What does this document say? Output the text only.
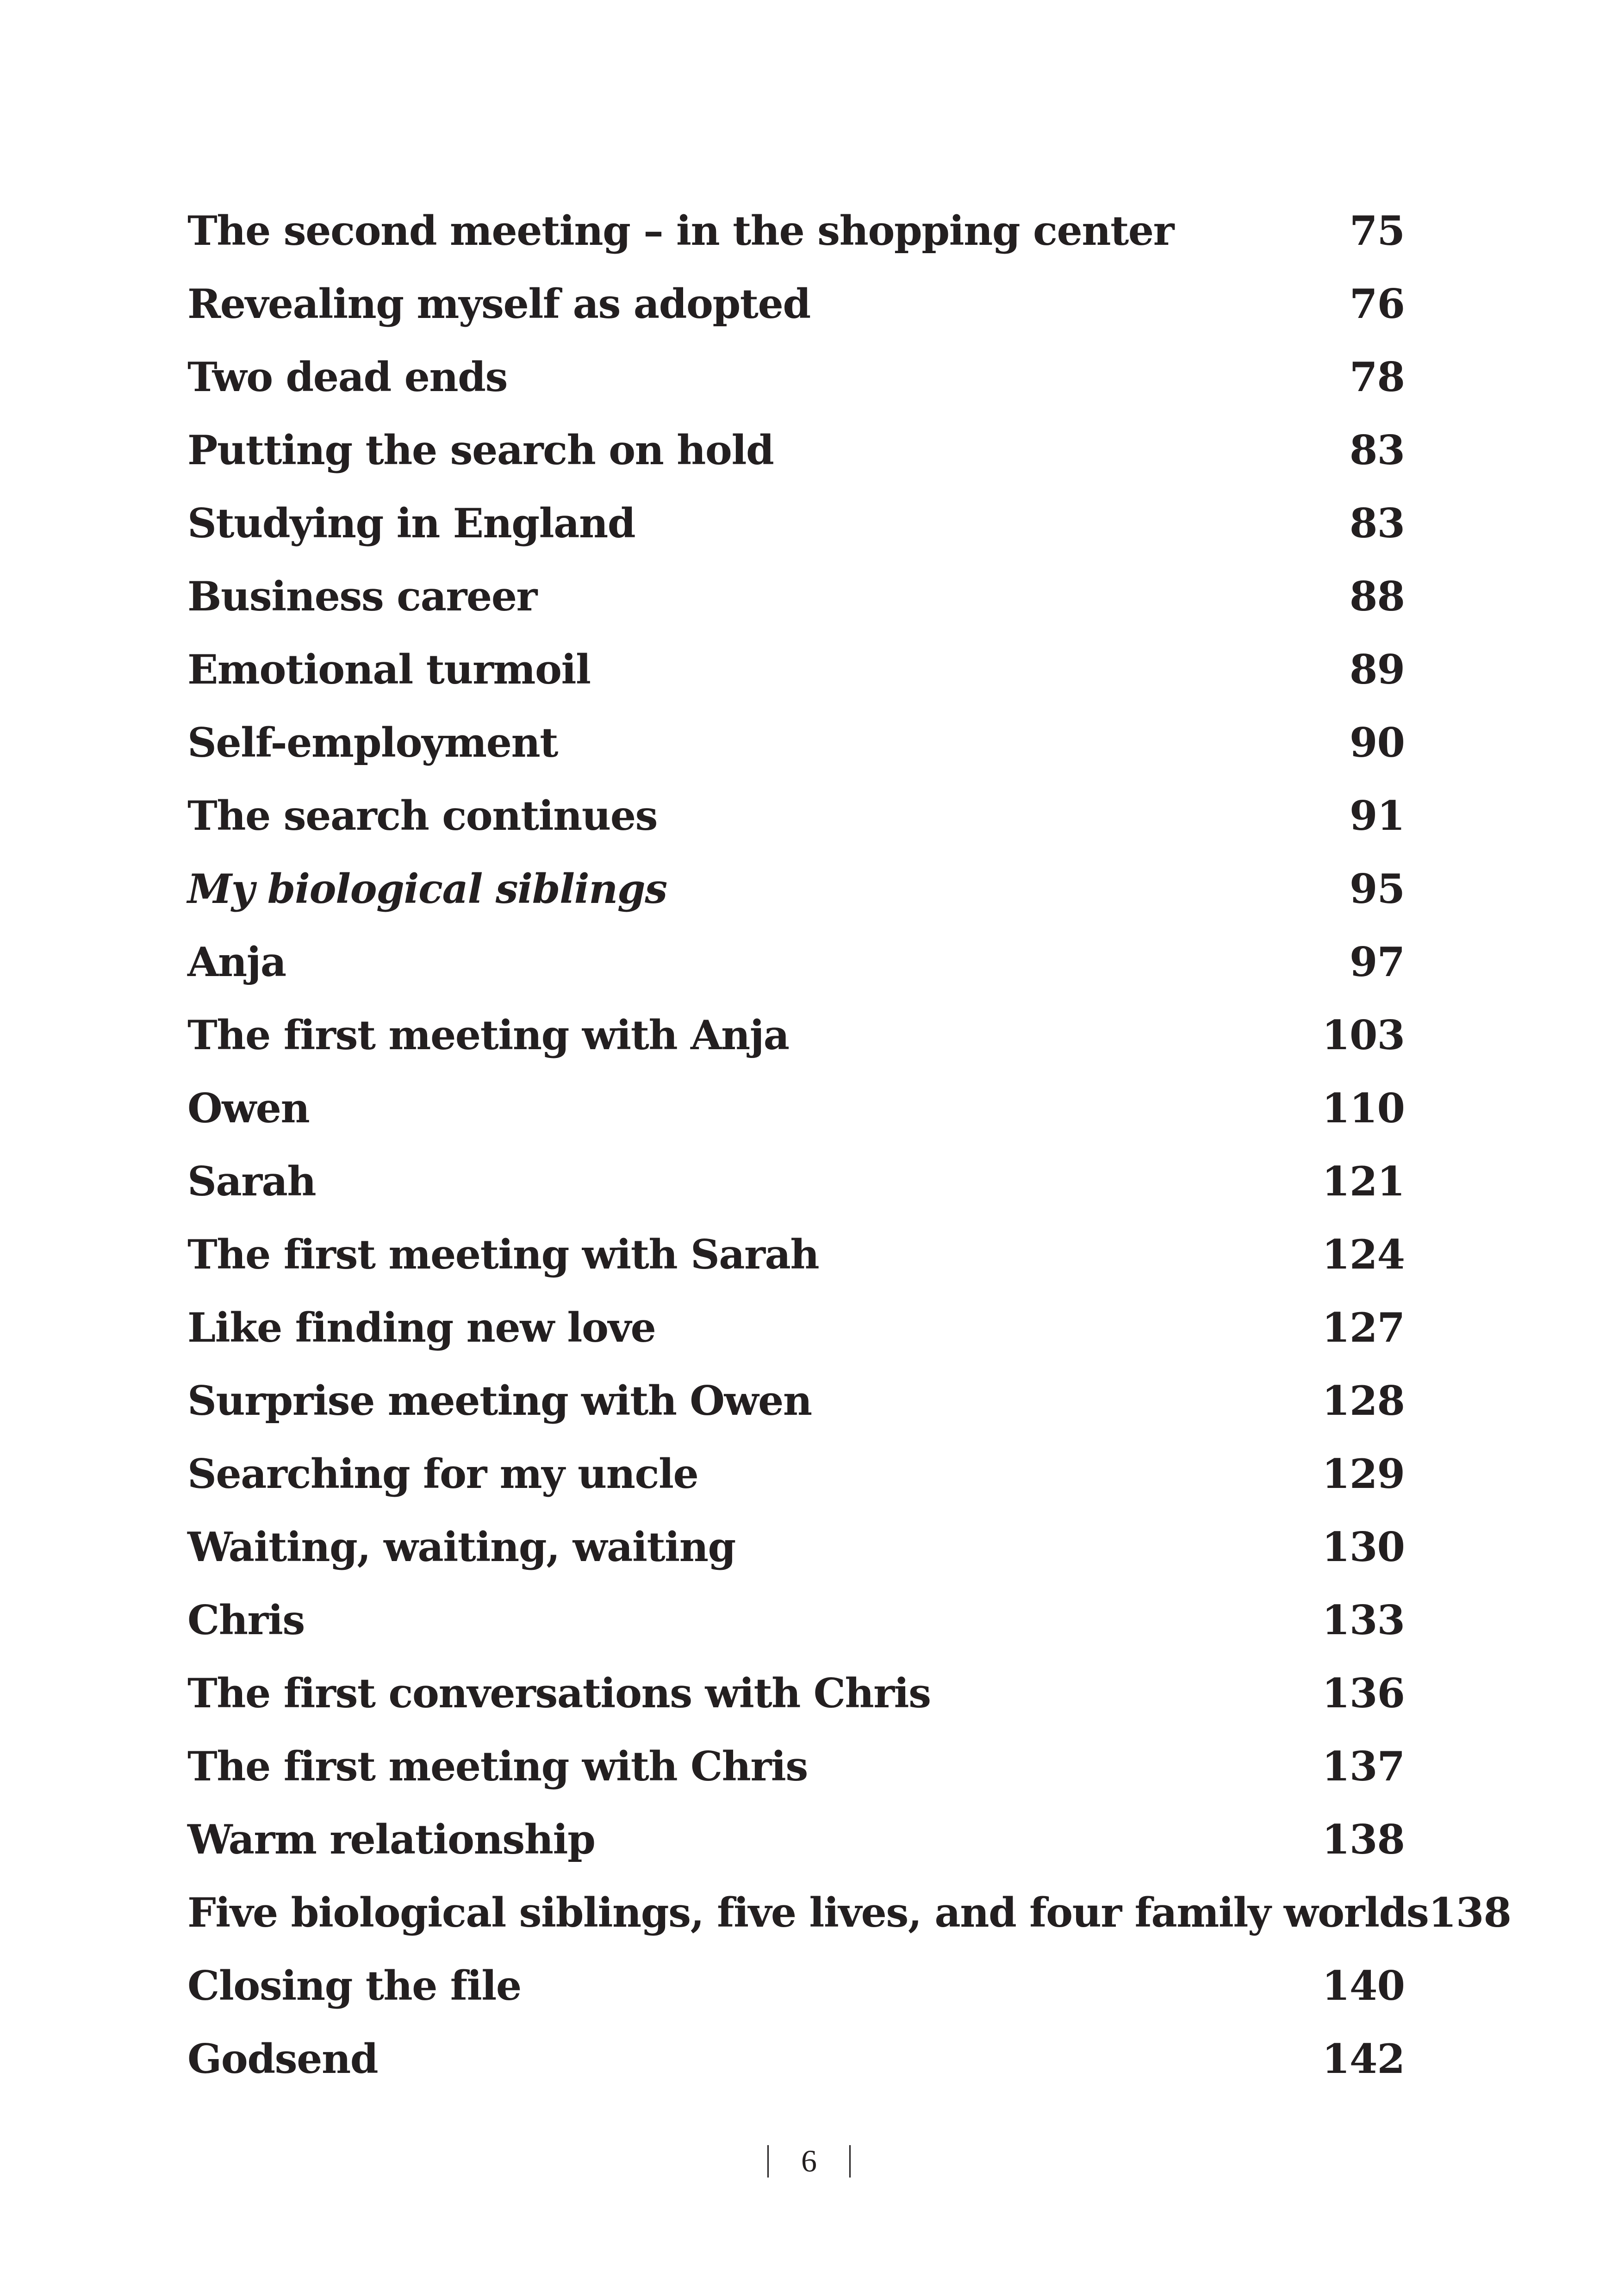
The second meeting – in the shopping center	75
Revealing myself as adopted	76
Two dead ends	78
Putting the search on hold	83
Studying in England	83
Business career	88
Emotional turmoil	89
Self-employment	90
The search continues	91
My biological siblings	95
Anja	97
The first meeting with Anja	103
Owen	110
Sarah	121
The first meeting with Sarah	124
Like finding new love	127
Surprise meeting with Owen	128
Searching for my uncle	129
Waiting, waiting, waiting	130
Chris	133
The first conversations with Chris	136
The first meeting with Chris	137
Warm relationship	138
Five biological siblings, five lives, and four family worlds 138
Closing the file	140
Godsend	142
6
